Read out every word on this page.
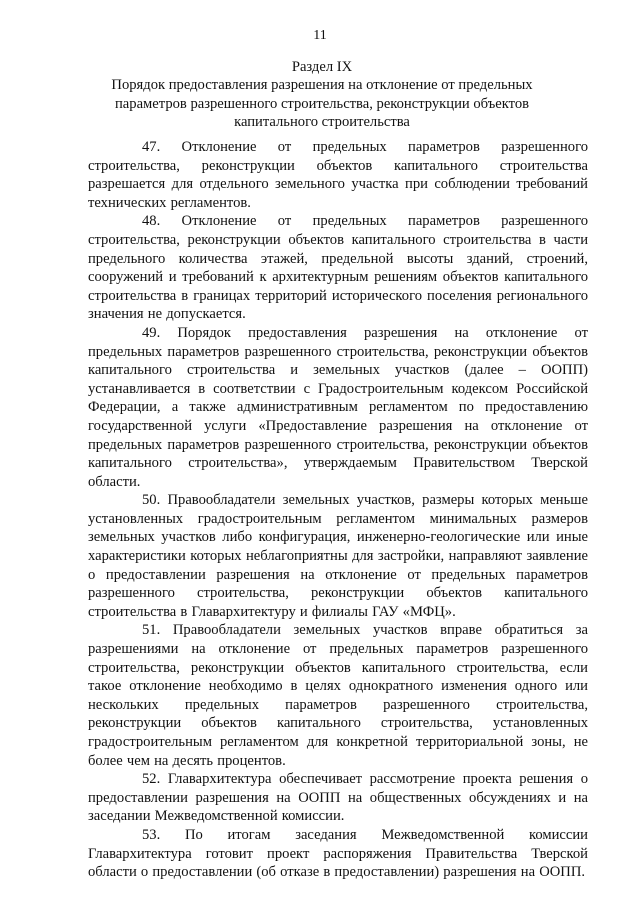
11
Раздел IX
Порядок предоставления разрешения на отклонение от предельных параметров разрешенного строительства, реконструкции объектов капитального строительства

47. Отклонение от предельных параметров разрешенного строительства, реконструкции объектов капитального строительства разрешается для отдельного земельного участка при соблюдении требований технических регламентов.

48. Отклонение от предельных параметров разрешенного строительства, реконструкции объектов капитального строительства в части предельного количества этажей, предельной высоты зданий, строений, сооружений и требований к архитектурным решениям объектов капитального строительства в границах территорий исторического поселения регионального значения не допускается.

49. Порядок предоставления разрешения на отклонение от предельных параметров разрешенного строительства, реконструкции объектов капитального строительства и земельных участков (далее – ООПП) устанавливается в соответствии с Градостроительным кодексом Российской Федерации, а также административным регламентом по предоставлению государственной услуги «Предоставление разрешения на отклонение от предельных параметров разрешенного строительства, реконструкции объектов капитального строительства», утверждаемым Правительством Тверской области.

50. Правообладатели земельных участков, размеры которых меньше установленных градостроительным регламентом минимальных размеров земельных участков либо конфигурация, инженерно-геологические или иные характеристики которых неблагоприятны для застройки, направляют заявление о предоставлении разрешения на отклонение от предельных параметров разрешенного строительства, реконструкции объектов капитального строительства в Главархитектуру и филиалы ГАУ «МФЦ».

51. Правообладатели земельных участков вправе обратиться за разрешениями на отклонение от предельных параметров разрешенного строительства, реконструкции объектов капитального строительства, если такое отклонение необходимо в целях однократного изменения одного или нескольких предельных параметров разрешенного строительства, реконструкции объектов капитального строительства, установленных градостроительным регламентом для конкретной территориальной зоны, не более чем на десять процентов.

52. Главархитектура обеспечивает рассмотрение проекта решения о предоставлении разрешения на ООПП на общественных обсуждениях и на заседании Межведомственной комиссии.

53. По итогам заседания Межведомственной комиссии Главархитектура готовит проект распоряжения Правительства Тверской области о предоставлении (об отказе в предоставлении) разрешения на ООПП.
